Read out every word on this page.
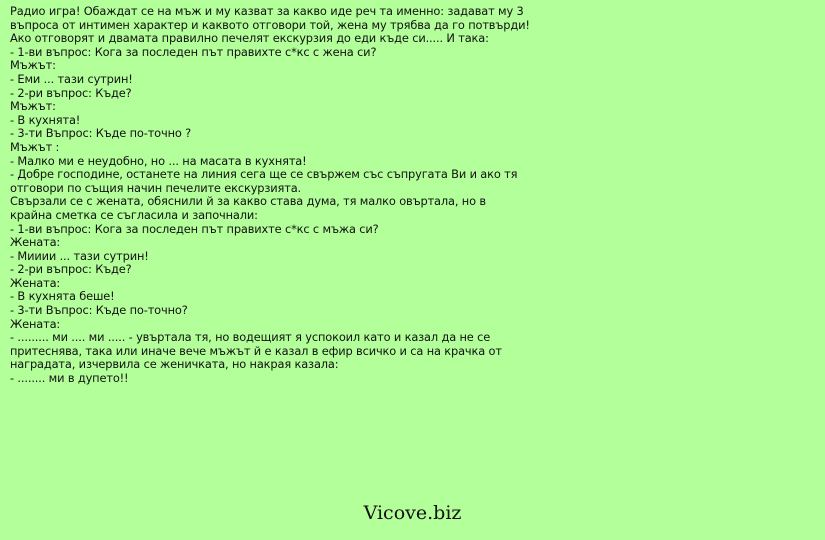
Радио игра! Обаждат се на мъж и му казват за какво иде реч та именно: задават му 3
въпроса от интимен характер и каквото отговори той, жена му трябва да го потвърди!
Ако отговорят и двамата правилно печелят екскурзия до еди къде си..... И така:
- 1-ви въпрос: Кога за последен път правихте с*кс с жена си?
Мъжът:
- Еми ... тази сутрин!
- 2-ри въпрос: Къде?
Мъжът:
- В кухнята!
- 3-ти Въпрос: Къде по-точно ?
Мъжът :
- Малко ми е неудобно, но ... на масата в кухнята!
- Добре господине, останете на линия сега ще се свържем със съпругата Ви и ако тя
отговори по същия начин печелите екскурзията.
Свързали се с жената, обяснили й за какво става дума, тя малко овъртала, но в
крайна сметка се съгласила и започнали:
- 1-ви въпрос: Кога за последен път правихте с*кс с мъжа си?
Жената:
- Мииии ... тази сутрин!
- 2-ри въпрос: Къде?
Жената:
- В кухнята беше!
- 3-ти Въпрос: Къде по-точно?
Жената:
- ......... ми .... ми ..... - увъртала тя, но водещият я успокоил като и казал да не се
притеснява, така или иначе вече мъжът й е казал в ефир всичко и са на крачка от
наградата, изчервила се женичката, но накрая казала:
- ........ ми в дупето!!
Vicove.biz
